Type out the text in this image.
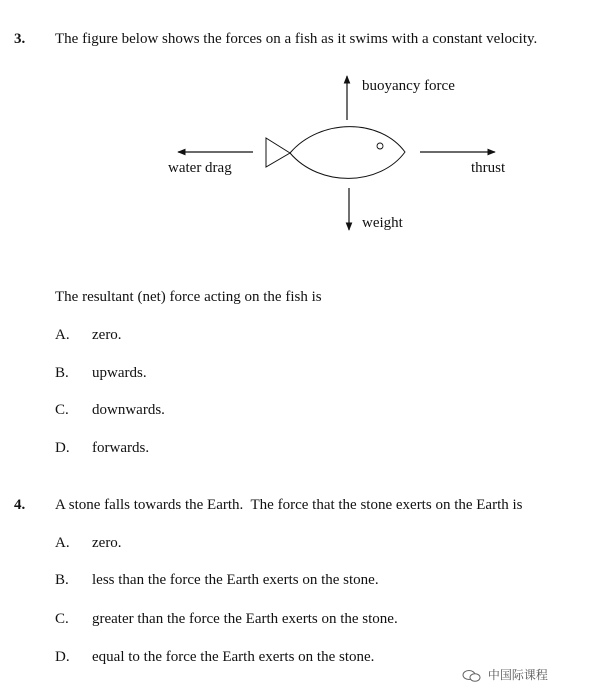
3. The figure below shows the forces on a fish as it swims with a constant velocity.
buoyancy force
water drag	thrust
weight
The resultant (net) force acting on the fish is
A. zero.
B. upwards.
C. downwards.
D. forwards.
4. A stone falls towards the Earth.  The force that the stone exerts on the Earth is
A. zero.
B. less than the force the Earth exerts on the stone.
C. greater than the force the Earth exerts on the stone.
D. equal to the force the Earth exerts on the stone.
中国际课程
